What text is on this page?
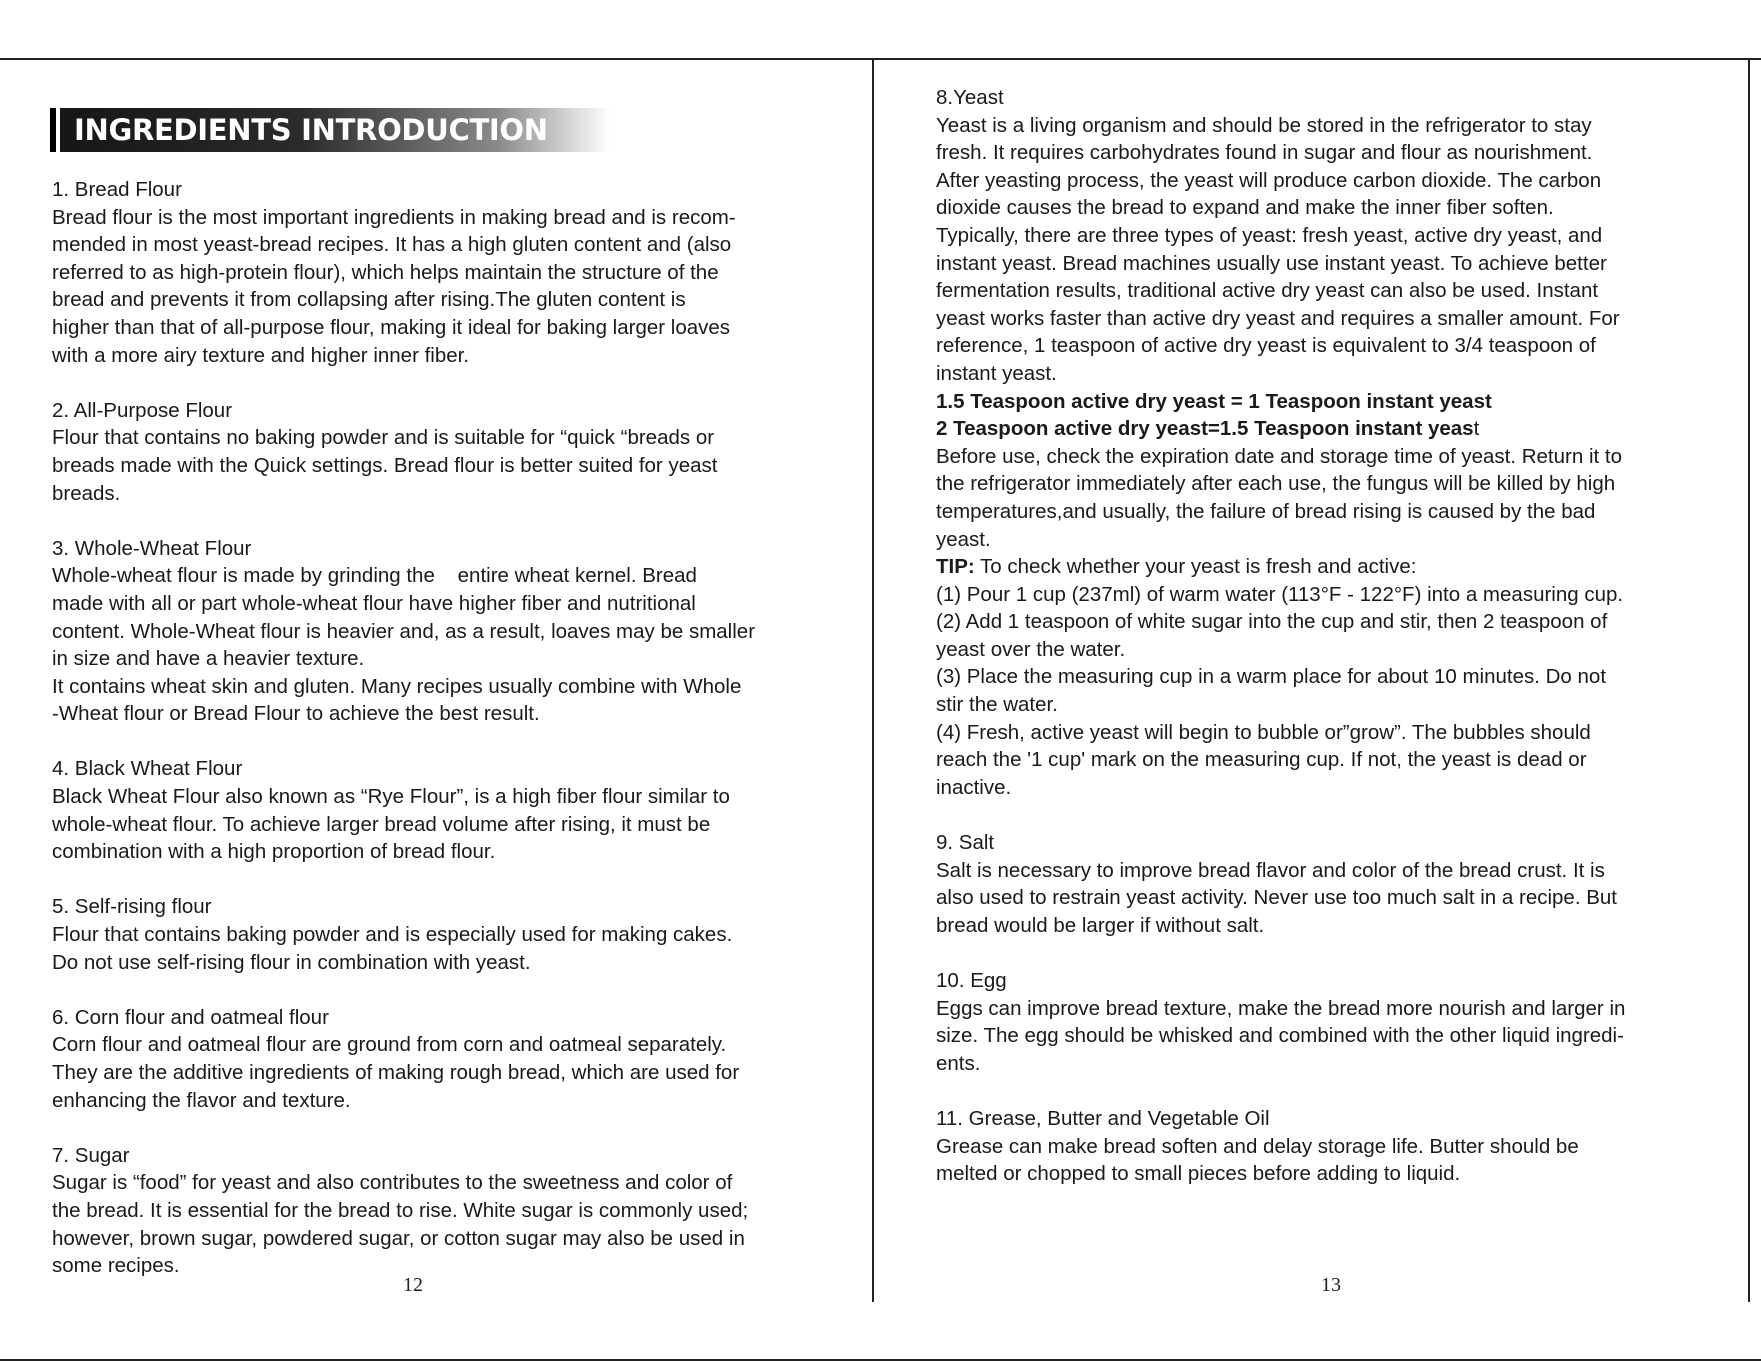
INGREDIENTS INTRODUCTION
1. Bread Flour
Bread flour is the most important ingredients in making bread and is recom-
mended in most yeast-bread recipes. It has a high gluten content and (also
referred to as high-protein flour), which helps maintain the structure of the
bread and prevents it from collapsing after rising.The gluten content is
higher than that of all-purpose flour, making it ideal for baking larger loaves
with a more airy texture and higher inner fiber.
2. All-Purpose Flour
Flour that contains no baking powder and is suitable for “quick “breads or
breads made with the Quick settings. Bread flour is better suited for yeast
breads.
3. Whole-Wheat Flour
Whole-wheat flour is made by grinding the    entire wheat kernel. Bread
made with all or part whole-wheat flour have higher fiber and nutritional
content. Whole-Wheat flour is heavier and, as a result, loaves may be smaller
in size and have a heavier texture.
It contains wheat skin and gluten. Many recipes usually combine with Whole
-Wheat flour or Bread Flour to achieve the best result.
4. Black Wheat Flour
Black Wheat Flour also known as “Rye Flour”, is a high fiber flour similar to
whole-wheat flour. To achieve larger bread volume after rising, it must be
combination with a high proportion of bread flour.
5. Self-rising flour
Flour that contains baking powder and is especially used for making cakes.
Do not use self-rising flour in combination with yeast.
6. Corn flour and oatmeal flour
Corn flour and oatmeal flour are ground from corn and oatmeal separately.
They are the additive ingredients of making rough bread, which are used for
enhancing the flavor and texture.
7. Sugar
Sugar is “food” for yeast and also contributes to the sweetness and color of
the bread. It is essential for the bread to rise. White sugar is commonly used;
however, brown sugar, powdered sugar, or cotton sugar may also be used in
some recipes.
12
8.Yeast
Yeast is a living organism and should be stored in the refrigerator to stay
fresh. It requires carbohydrates found in sugar and flour as nourishment.
After yeasting process, the yeast will produce carbon dioxide. The carbon
dioxide causes the bread to expand and make the inner fiber soften.
Typically, there are three types of yeast: fresh yeast, active dry yeast, and
instant yeast. Bread machines usually use instant yeast. To achieve better
fermentation results, traditional active dry yeast can also be used. Instant
yeast works faster than active dry yeast and requires a smaller amount. For
reference, 1 teaspoon of active dry yeast is equivalent to 3/4 teaspoon of
instant yeast.
1.5 Teaspoon active dry yeast = 1 Teaspoon instant yeast
2 Teaspoon active dry yeast=1.5 Teaspoon instant yeast
Before use, check the expiration date and storage time of yeast. Return it to
the refrigerator immediately after each use, the fungus will be killed by high
temperatures,and usually, the failure of bread rising is caused by the bad
yeast.
TIP: To check whether your yeast is fresh and active:
(1) Pour 1 cup (237ml) of warm water (113°F - 122°F) into a measuring cup.
(2) Add 1 teaspoon of white sugar into the cup and stir, then 2 teaspoon of
yeast over the water.
(3) Place the measuring cup in a warm place for about 10 minutes. Do not
stir the water.
(4) Fresh, active yeast will begin to bubble or”grow”. The bubbles should
reach the '1 cup' mark on the measuring cup. If not, the yeast is dead or
inactive.
9. Salt
Salt is necessary to improve bread flavor and color of the bread crust. It is
also used to restrain yeast activity. Never use too much salt in a recipe. But
bread would be larger if without salt.
10. Egg
Eggs can improve bread texture, make the bread more nourish and larger in
size. The egg should be whisked and combined with the other liquid ingredi-
ents.
11. Grease, Butter and Vegetable Oil
Grease can make bread soften and delay storage life. Butter should be
melted or chopped to small pieces before adding to liquid.
13
